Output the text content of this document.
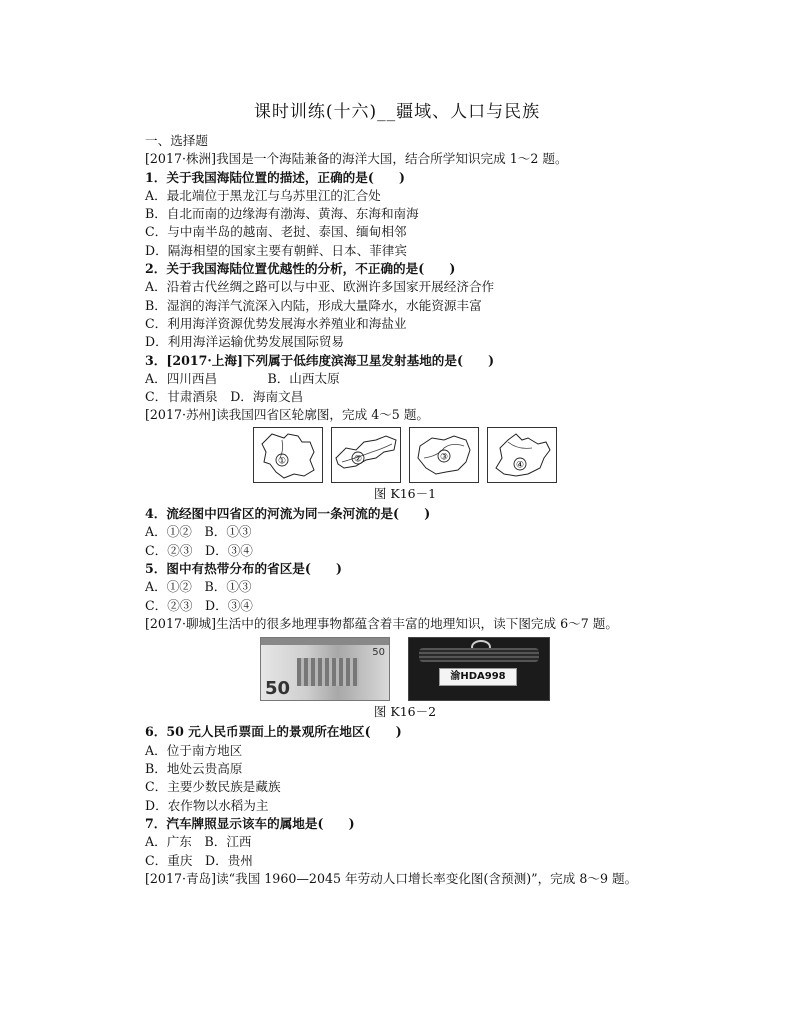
课时训练(十六)__疆域、人口与民族
一、选择题
[2017·株洲]我国是一个海陆兼备的海洋大国，结合所学知识完成 1～2 题。
1．关于我国海陆位置的描述，正确的是(　　)
A．最北端位于黑龙江与乌苏里江的汇合处
B．自北而南的边缘海有渤海、黄海、东海和南海
C．与中南半岛的越南、老挝、泰国、缅甸相邻
D．隔海相望的国家主要有朝鲜、日本、菲律宾
2．关于我国海陆位置优越性的分析，不正确的是(　　)
A．沿着古代丝绸之路可以与中亚、欧洲许多国家开展经济合作
B．湿润的海洋气流深入内陆，形成大量降水，水能资源丰富
C．利用海洋资源优势发展海水养殖业和海盐业
D．利用海洋运输优势发展国际贸易
3．[2017·上海]下列属于低纬度滨海卫星发射基地的是(　　)
A．四川西昌　　　　B．山西太原
C．甘肃酒泉　D．海南文昌
[2017·苏州]读我国四省区轮廓图，完成 4～5 题。
①	②	③
④
图 K16－1
4．流经图中四省区的河流为同一条河流的是(　　)
A．①②　B．①③
C．②③　D．③④
5．图中有热带分布的省区是(　　)
A．①②　B．①③
C．②③　D．③④
[2017·聊城]生活中的很多地理事物都蕴含着丰富的地理知识，读下图完成 6～7 题。
50
50
渝HDA998
图 K16－2
6．50 元人民币票面上的景观所在地区(　　)
A．位于南方地区
B．地处云贵高原
C．主要少数民族是藏族
D．农作物以水稻为主
7．汽车牌照显示该车的属地是(　　)
A．广东　B．江西
C．重庆　D．贵州
[2017·青岛]读“我国 1960—2045 年劳动人口增长率变化图(含预测)”，完成 8～9 题。
